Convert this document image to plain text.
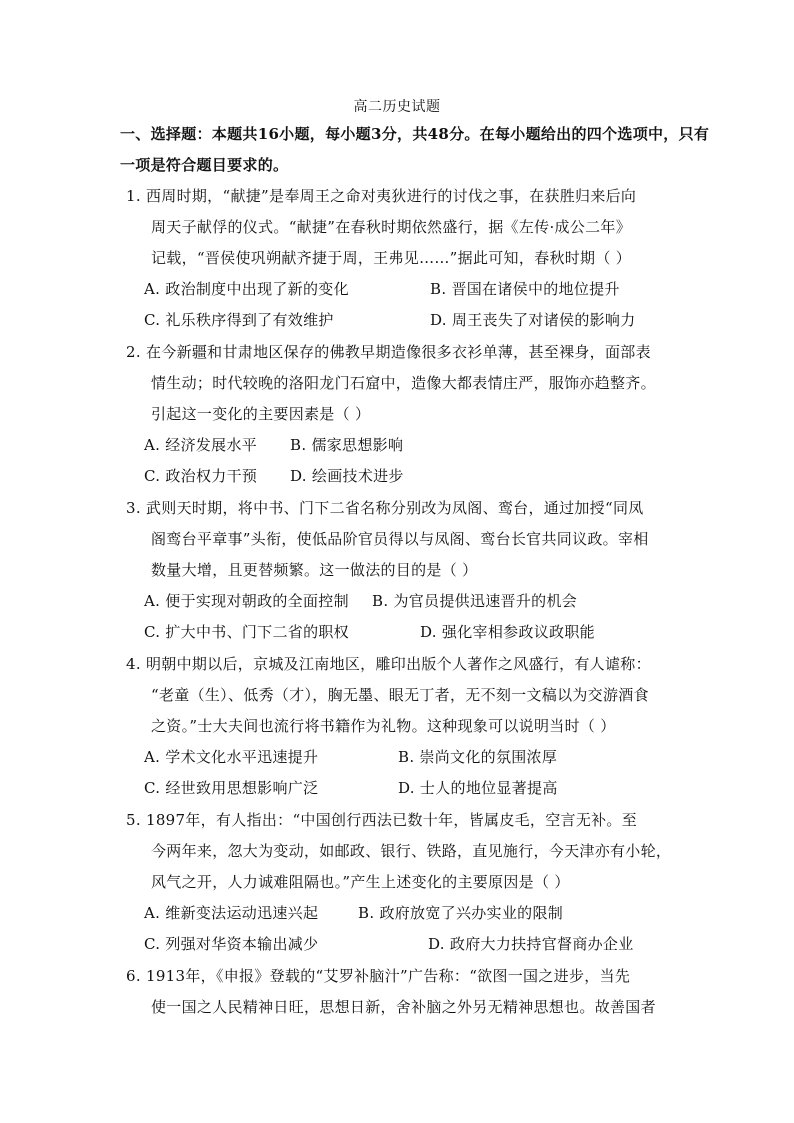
高二历史试题
一、选择题：本题共16小题，每小题3分，共48分。在每小题给出的四个选项中，只有
一项是符合题目要求的。
1. 西周时期，“献捷”是奉周王之命对夷狄进行的讨伐之事，在获胜归来后向
周天子献俘的仪式。“献捷”在春秋时期依然盛行，据《左传·成公二年》
记载，“晋侯使巩朔献齐捷于周，王弗见……”据此可知，春秋时期（ ）
A. 政治制度中出现了新的变化	B. 晋国在诸侯中的地位提升
C. 礼乐秩序得到了有效维护	D. 周王丧失了对诸侯的影响力
2. 在今新疆和甘肃地区保存的佛教早期造像很多衣衫单薄，甚至裸身，面部表
情生动；时代较晚的洛阳龙门石窟中，造像大都表情庄严，服饰亦趋整齐。
引起这一变化的主要因素是（ ）
A. 经济发展水平 B. 儒家思想影响
C. 政治权力干预 D. 绘画技术进步
3. 武则天时期，将中书、门下二省名称分别改为凤阁、鸾台，通过加授“同凤
阁鸾台平章事”头衔，使低品阶官员得以与凤阁、鸾台长官共同议政。宰相
数量大增，且更替频繁。这一做法的目的是（ ）
A. 便于实现对朝政的全面控制 B. 为官员提供迅速晋升的机会
C. 扩大中书、门下二省的职权	D. 强化宰相参政议政职能
4. 明朝中期以后，京城及江南地区，雕印出版个人著作之风盛行，有人谑称：
“老童（生）、低秀（才），胸无墨、眼无丁者，无不刻一文稿以为交游酒食
之资。”士大夫间也流行将书籍作为礼物。这种现象可以说明当时（ ）
A. 学术文化水平迅速提升	B. 崇尚文化的氛围浓厚
C. 经世致用思想影响广泛	D. 士人的地位显著提高
5. 1897年，有人指出：“中国创行西法已数十年，皆属皮毛，空言无补。至
今两年来，忽大为变动，如邮政、银行、铁路，直见施行，今天津亦有小轮，
风气之开，人力诚难阻隔也。”产生上述变化的主要原因是（ ）
A. 维新变法运动迅速兴起	B. 政府放宽了兴办实业的限制
C. 列强对华资本输出减少	D. 政府大力扶持官督商办企业
6. 1913年，《申报》登载的“艾罗补脑汁”广告称：“欲图一国之进步，当先
使一国之人民精神日旺，思想日新，舍补脑之外另无精神思想也。故善国者
